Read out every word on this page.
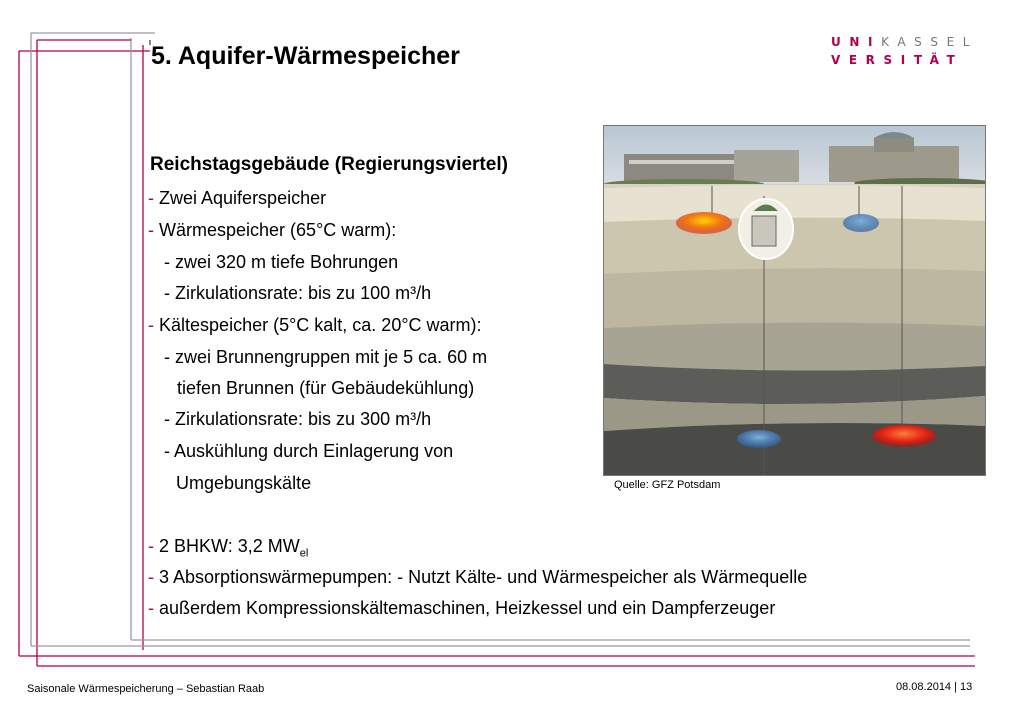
5. Aquifer-Wärmespeicher	UNIKASSEL
VERSITÄT
Reichstagsgebäude (Regierungsviertel)
- Zwei Aquiferspeicher
- Wärmespeicher (65°C warm):
- zwei 320 m tiefe Bohrungen
- Zirkulationsrate: bis zu 100 m³/h
- Kältespeicher (5°C kalt, ca. 20°C warm):
- zwei Brunnengruppen mit je 5 ca. 60 m
tiefen Brunnen (für Gebäudekühlung)
- Zirkulationsrate: bis zu 300 m³/h
- Auskühlung durch Einlagerung von
Umgebungskälte
- 2 BHKW: 3,2 $MW_{el}$
- 3 Absorptionswärmepumpen: - Nutzt Kälte- und Wärmespeicher als Wärmequelle
- außerdem Kompressionskältemaschinen, Heizkessel und ein Dampferzeuger
Quelle: GFZ Potsdam
Saisonale Wärmespeicherung – Sebastian Raab	08.08.2014 | 13
